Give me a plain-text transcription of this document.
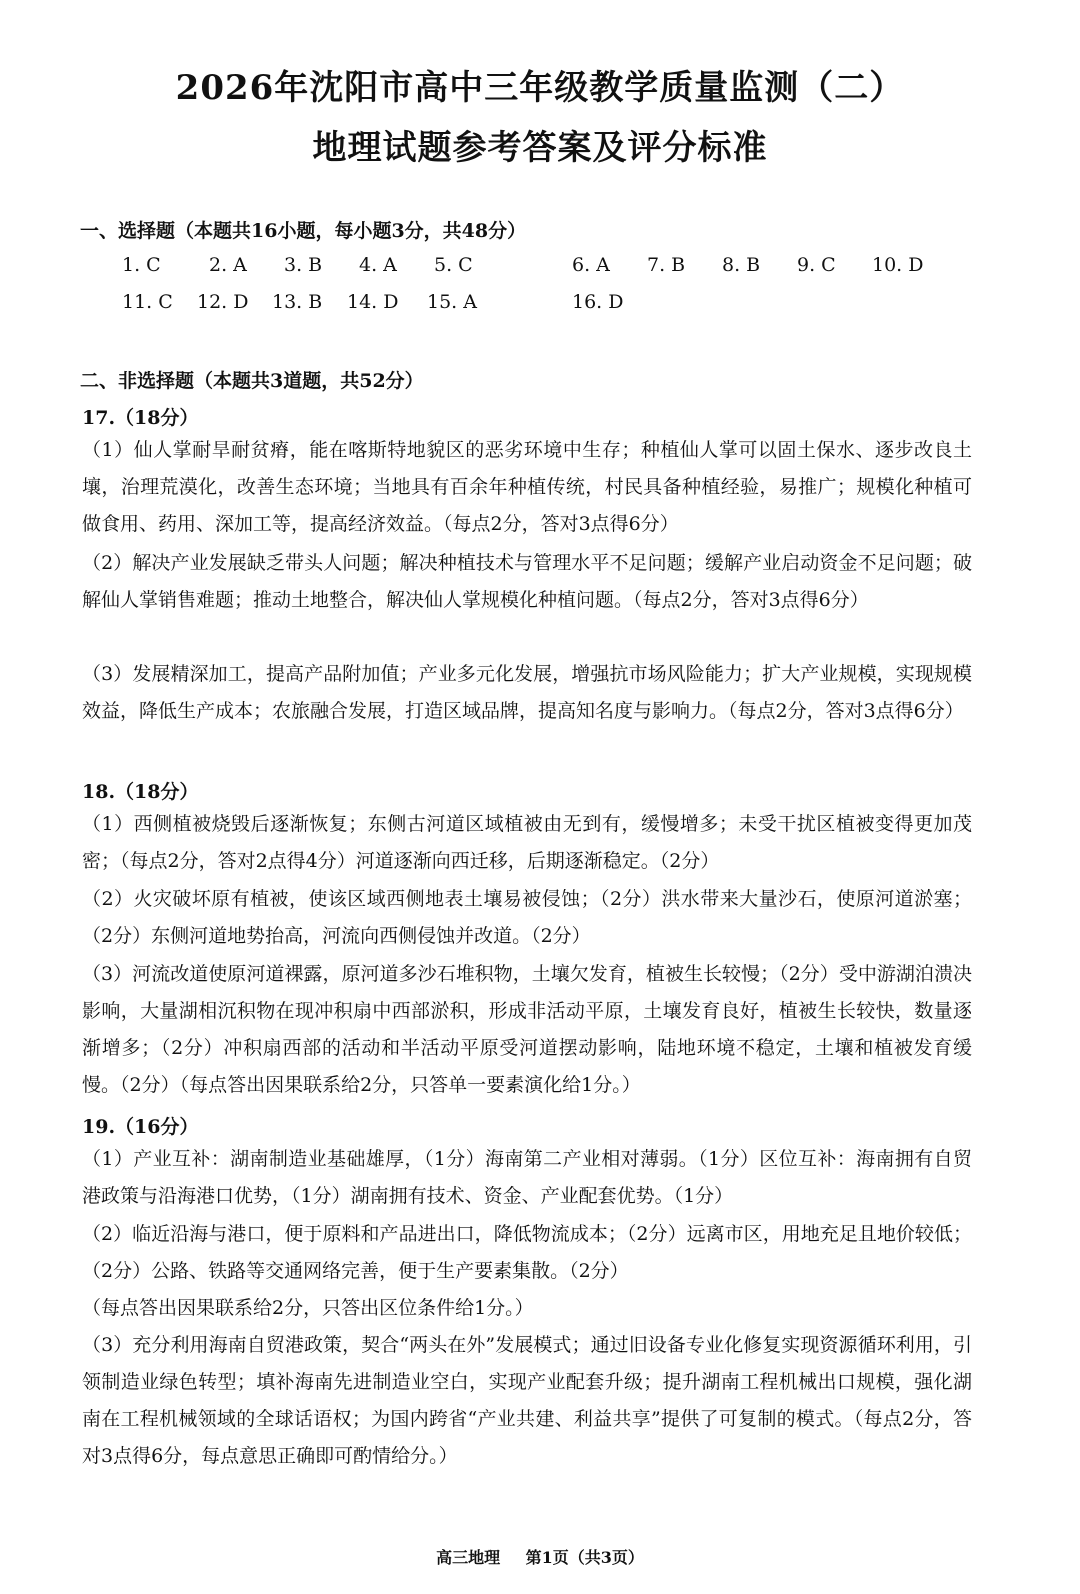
2026年沈阳市高中三年级教学质量监测（二）
地理试题参考答案及评分标准
一、选择题（本题共16小题，每小题3分，共48分）
1. C	2. A 3. B 4. A 5. C	6. A 7. B 8. B 9. C 10. D
11. C 12. D 13. B 14. D 15. A	16. D
二、非选择题（本题共3道题，共52分）
17.（18分）

（1）仙人掌耐旱耐贫瘠，能在喀斯特地貌区的恶劣环境中生存；种植仙人掌可以固土保水、逐步改良土壤，治理荒漠化，改善生态环境；当地具有百余年种植传统，村民具备种植经验，易推广；规模化种植可做食用、药用、深加工等，提高经济效益。（每点2分，答对3点得6分）

（2）解决产业发展缺乏带头人问题；解决种植技术与管理水平不足问题；缓解产业启动资金不足问题；破解仙人掌销售难题；推动土地整合，解决仙人掌规模化种植问题。（每点2分，答对3点得6分）

（3）发展精深加工，提高产品附加值；产业多元化发展，增强抗市场风险能力；扩大产业规模，实现规模效益，降低生产成本；农旅融合发展，打造区域品牌，提高知名度与影响力。（每点2分，答对3点得6分）

18.（18分）

（1）西侧植被烧毁后逐渐恢复；东侧古河道区域植被由无到有，缓慢增多；未受干扰区植被变得更加茂密；（每点2分，答对2点得4分）河道逐渐向西迁移，后期逐渐稳定。（2分）

（2）火灾破坏原有植被，使该区域西侧地表土壤易被侵蚀；（2分）洪水带来大量沙石，使原河道淤塞；（2分）东侧河道地势抬高，河流向西侧侵蚀并改道。（2分）

（3）河流改道使原河道裸露，原河道多沙石堆积物，土壤欠发育，植被生长较慢；（2分）受中游湖泊溃决影响，大量湖相沉积物在现冲积扇中西部淤积，形成非活动平原，土壤发育良好，植被生长较快，数量逐渐增多；（2分）冲积扇西部的活动和半活动平原受河道摆动影响，陆地环境不稳定，土壤和植被发育缓慢。（2分）（每点答出因果联系给2分，只答单一要素演化给1分。）

19.（16分）

（1）产业互补：湖南制造业基础雄厚，（1分）海南第二产业相对薄弱。（1分）区位互补：海南拥有自贸港政策与沿海港口优势，（1分）湖南拥有技术、资金、产业配套优势。（1分）

（2）临近沿海与港口，便于原料和产品进出口，降低物流成本；（2分）远离市区，用地充足且地价较低；（2分）公路、铁路等交通网络完善，便于生产要素集散。（2分）

（每点答出因果联系给2分，只答出区位条件给1分。）

（3）充分利用海南自贸港政策，契合“两头在外”发展模式；通过旧设备专业化修复实现资源循环利用，引领制造业绿色转型；填补海南先进制造业空白，实现产业配套升级；提升湖南工程机械出口规模，强化湖南在工程机械领域的全球话语权；为国内跨省“产业共建、利益共享”提供了可复制的模式。（每点2分，答对3点得6分，每点意思正确即可酌情给分。）

高三地理 第1页（共3页）
